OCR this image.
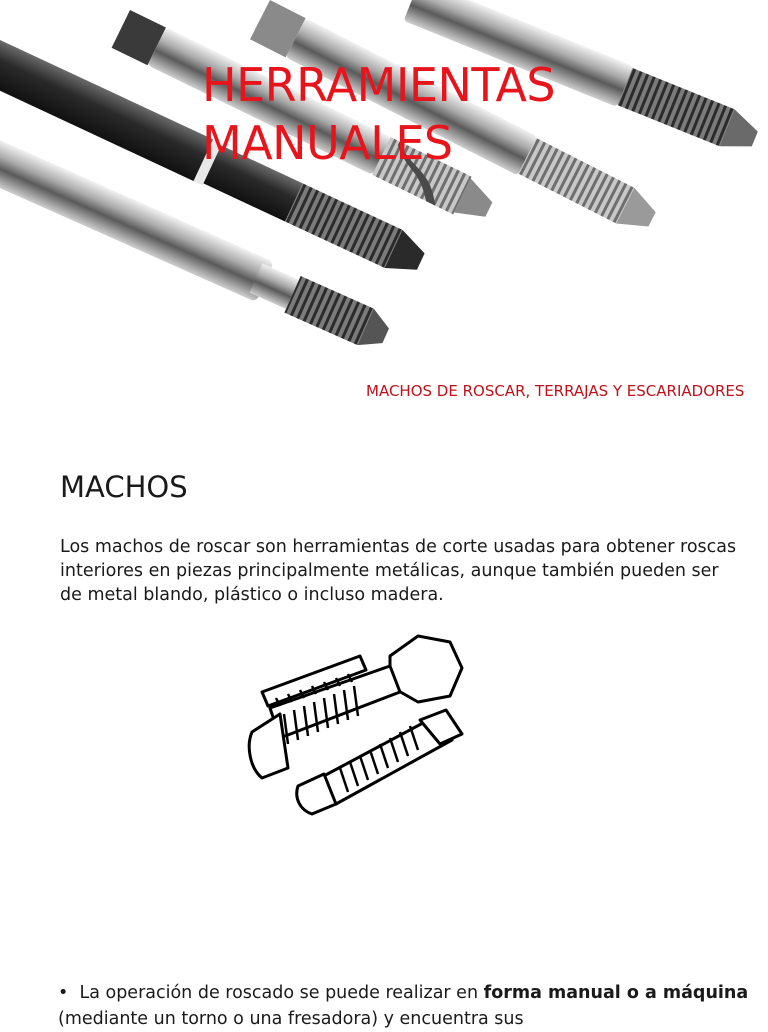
HERRAMIENTAS
MANUALES

MACHOS DE ROSCAR, TERRAJAS Y ESCARIADORES

MACHOS

Los machos de roscar son herramientas de corte usadas para obtener roscas interiores en piezas principalmente metálicas, aunque también pueden ser de metal blando, plástico o incluso madera.

•  La operación de roscado se puede realizar en forma manual o a máquina (mediante un torno o una fresadora) y encuentra sus
